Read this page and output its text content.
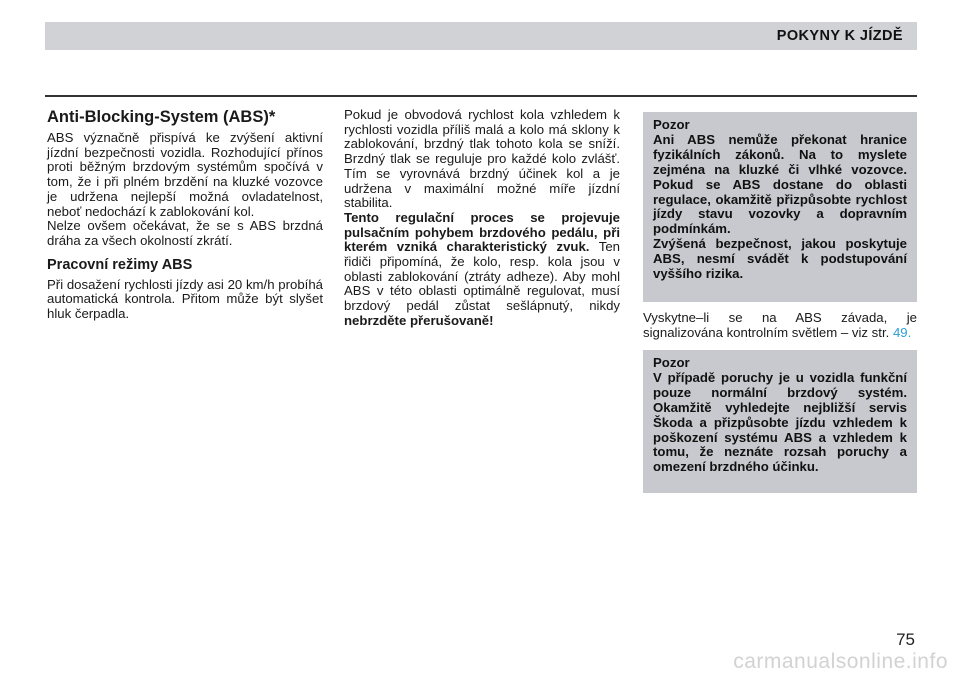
POKYNY K JÍZDĚ
Anti-Blocking-System (ABS)*

ABS význačně přispívá ke zvýšení aktivní jízdní bezpečnosti vozidla. Rozhodující přínos proti běžným brzdovým systémům spočívá v tom, že i při plném brzdění na kluzké vozovce je udržena nejlepší možná ovladatelnost, neboť nedochází k zablokování kol.

Nelze ovšem očekávat, že se s ABS brzdná dráha za všech okolností zkrátí.

Pracovní režimy ABS

Při dosažení rychlosti jízdy asi 20 km/h probíhá automatická kontrola. Přitom může být slyšet hluk čerpadla.

Pokud je obvodová rychlost kola vzhledem k rychlosti vozidla příliš malá a kolo má sklony k zablokování, brzdný tlak tohoto kola se sníží. Brzdný tlak se reguluje pro každé kolo zvlášť. Tím se vyrovnává brzdný účinek kol a je udržena v maximální možné míře jízdní stabilita.

Tento regulační proces se projevuje pulsačním pohybem brzdového pedálu, při kterém vzniká charakteristický zvuk. Ten řidiči připomíná, že kolo, resp. kola jsou v oblasti zablokování (ztráty adheze). Aby mohl ABS v této oblasti optimálně regulovat, musí brzdový pedál zůstat sešlápnutý, nikdy nebrzděte přerušovaně!

Pozor

Ani ABS nemůže překonat hranice fyzikálních zákonů. Na to myslete zejména na kluzké či vlhké vozovce. Pokud se ABS dostane do oblasti regulace, okamžitě přizpůsobte rychlost jízdy stavu vozovky a dopravním podmínkám.

Zvýšená bezpečnost, jakou poskytuje ABS, nesmí svádět k podstupování vyššího rizika.

Vyskytne–li se na ABS závada, je signalizována kontrolním světlem – viz str. 49.

Pozor

V případě poruchy je u vozidla funkční pouze normální brzdový systém. Okamžitě vyhledejte nejbližší servis Škoda a přizpůsobte jízdu vzhledem k poškození systému ABS a vzhledem k tomu, že neznáte rozsah poruchy a omezení brzdného účinku.

75
carmanualsonline.info
